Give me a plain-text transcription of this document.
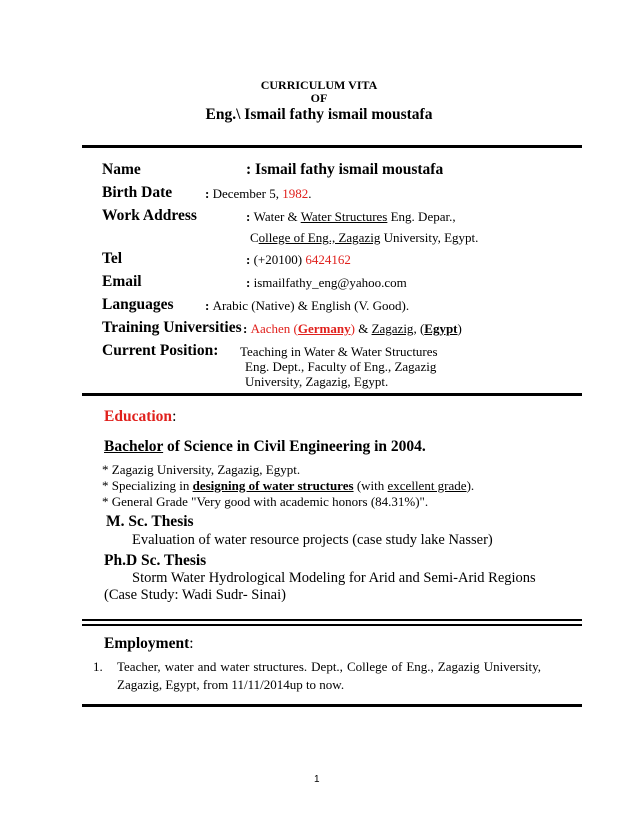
CURRICULUM VITA
OF
Eng.\ Ismail fathy ismail moustafa
Name	: Ismail fathy ismail moustafa
Birth Date	: December 5, 1982.
Work Address	: Water & Water Structures Eng. Depar.,
College of Eng., Zagazig University, Egypt.
Tel	: (+20100) 6424162
Email	: ismailfathy_eng@yahoo.com
Languages : Arabic (Native) & English (V. Good).
Training Universities : Aachen (Germany) & Zagazig, (Egypt)
Current Position: Teaching in Water & Water Structures
Eng. Dept., Faculty of Eng., Zagazig
University, Zagazig, Egypt.
Education:
Bachelor of Science in Civil Engineering in 2004.
* Zagazig University, Zagazig, Egypt.
* Specializing in designing of water structures (with excellent grade).
* General Grade "Very good with academic honors (84.31%)".
M. Sc. Thesis
Evaluation of water resource projects (case study lake Nasser)
Ph.D Sc. Thesis
Storm Water Hydrological Modeling for Arid and Semi-Arid Regions
(Case Study: Wadi Sudr- Sinai)
Employment:
1. Teacher, water and water structures. Dept., College of Eng., Zagazig University,
Zagazig, Egypt, from 11/11/2014up to now.
1
